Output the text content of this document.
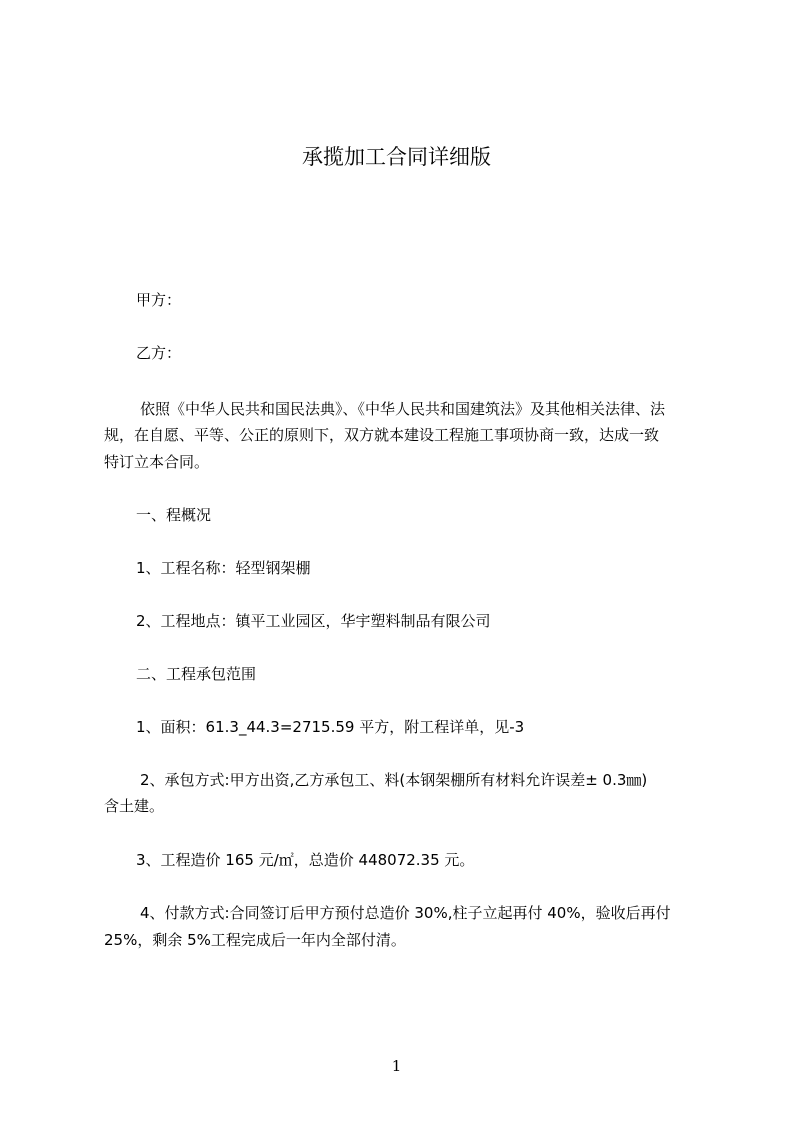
承揽加工合同详细版
甲方：
乙方：
依照《中华人民共和国民法典》、《中华人民共和国建筑法》及其他相关法律、法
规，在自愿、平等、公正的原则下，双方就本建设工程施工事项协商一致，达成一致
特订立本合同。
一、程概况
1、工程名称：轻型钢架棚
2、工程地点：镇平工业园区，华宇塑料制品有限公司
二、工程承包范围
1、面积：61.3_44.3=2715.59 平方，附工程详单，见-3
2、承包方式:甲方出资,乙方承包工、料(本钢架棚所有材料允许误差± 0.3㎜)
含土建。
3、工程造价 165 元/㎡，总造价 448072.35 元。
4、付款方式:合同签订后甲方预付总造价 30%,柱子立起再付 40%，验收后再付
25%，剩余 5%工程完成后一年内全部付清。
1
